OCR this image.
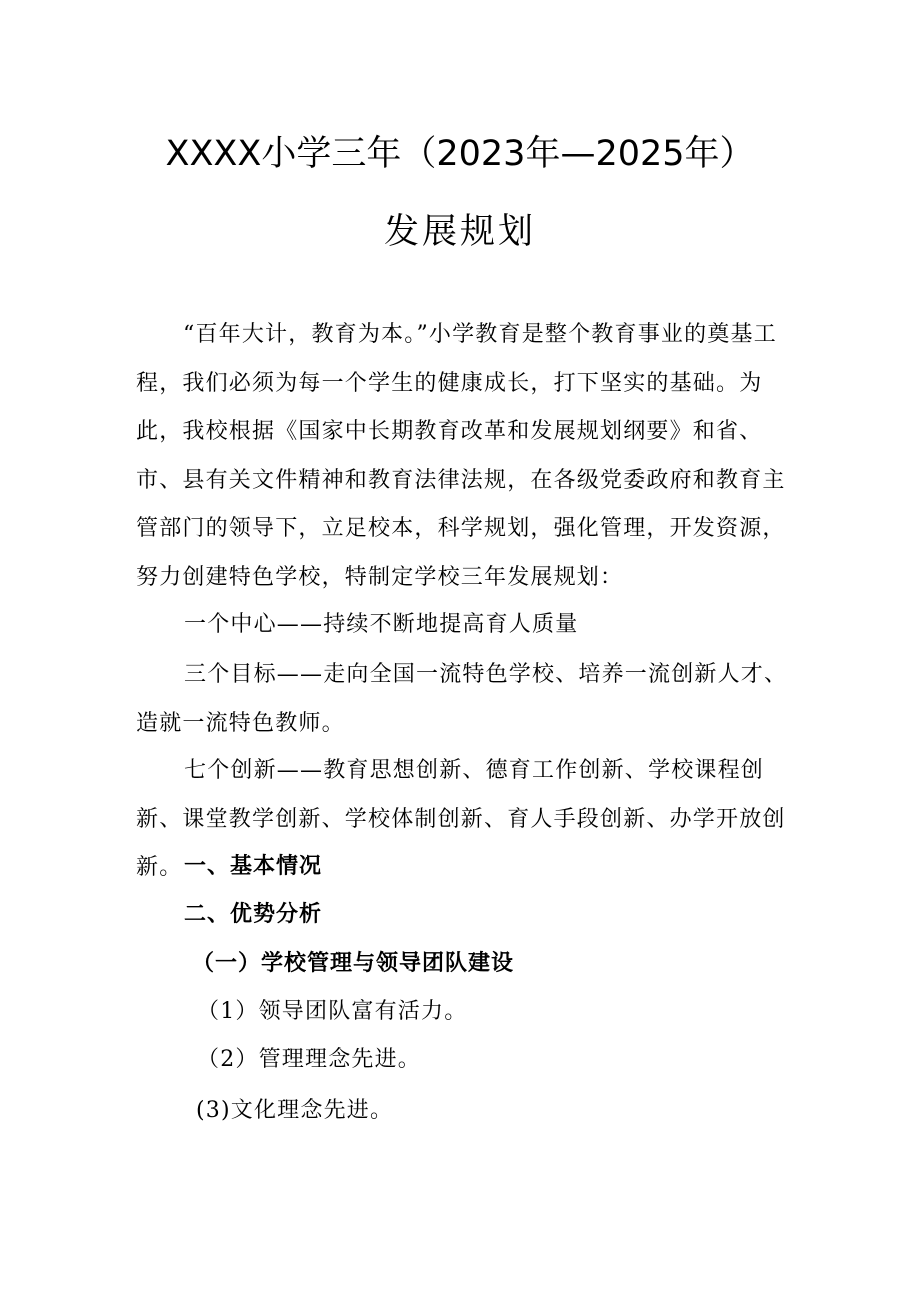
XXXX小学三年（2023年—2025年）
发展规划
“百年大计，教育为本。”小学教育是整个教育事业的奠基工程，我们必须为每一个学生的健康成长，打下坚实的基础。为此，我校根据《国家中长期教育改革和发展规划纲要》和省、市、县有关文件精神和教育法律法规，在各级党委政府和教育主管部门的领导下，立足校本，科学规划，强化管理，开发资源，努力创建特色学校，特制定学校三年发展规划：
一个中心——持续不断地提高育人质量
三个目标——走向全国一流特色学校、培养一流创新人才、造就一流特色教师。
七个创新——教育思想创新、德育工作创新、学校课程创新、课堂教学创新、学校体制创新、育人手段创新、办学开放创新。 一、基本情况
二、优势分析
（一）学校管理与领导团队建设
（1）领导团队富有活力。
（2）管理理念先进。
(3)文化理念先进。
